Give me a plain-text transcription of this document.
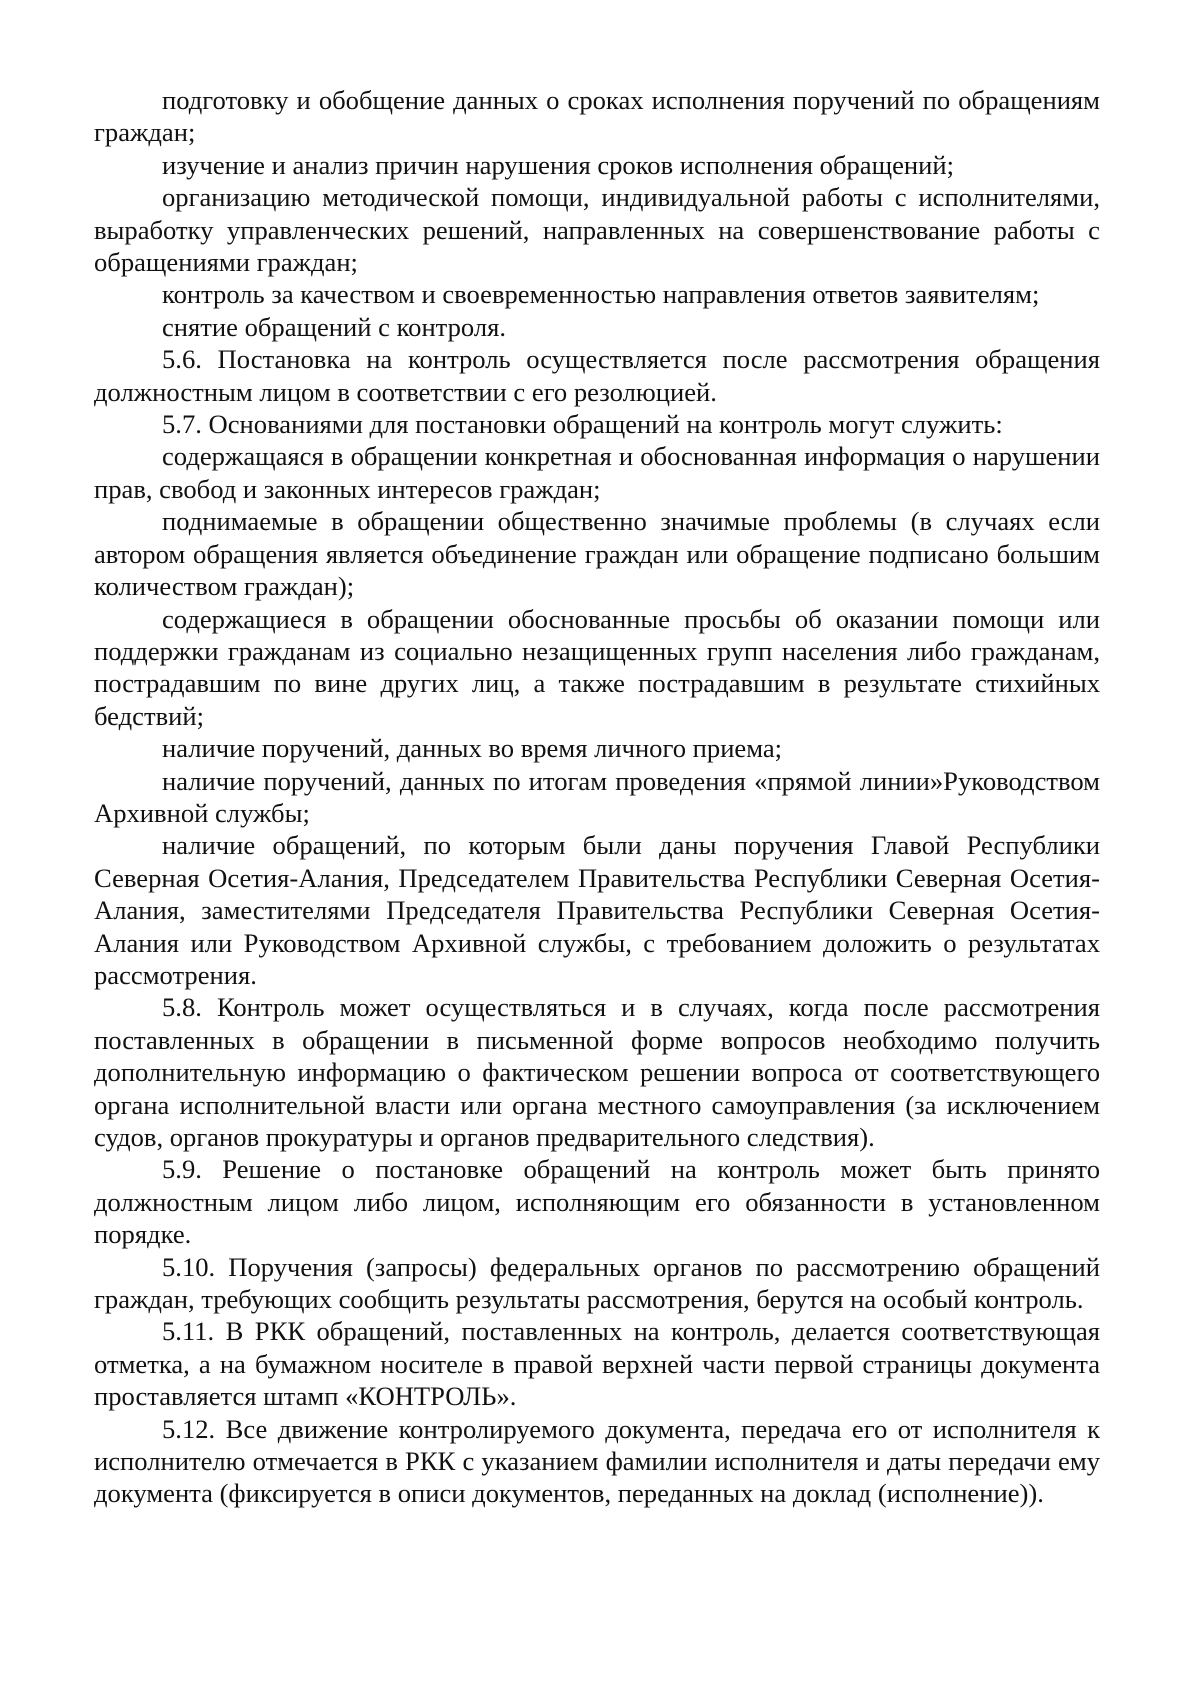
подготовку и обобщение данных о сроках исполнения поручений по обращениям граждан;

изучение и анализ причин нарушения сроков исполнения обращений;

организацию методической помощи, индивидуальной работы с исполнителями, выработку управленческих решений, направленных на совершенствование работы с обращениями граждан;

контроль за качеством и своевременностью направления ответов заявителям;

снятие обращений с контроля.

5.6. Постановка на контроль осуществляется после рассмотрения обращения должностным лицом в соответствии с его резолюцией.

5.7. Основаниями для постановки обращений на контроль могут служить:

содержащаяся в обращении конкретная и обоснованная информация о нарушении прав, свобод и законных интересов граждан;

поднимаемые в обращении общественно значимые проблемы (в случаях если автором обращения является объединение граждан или обращение подписано большим количеством граждан);

содержащиеся в обращении обоснованные просьбы об оказании помощи или поддержки гражданам из социально незащищенных групп населения либо гражданам, пострадавшим по вине других лиц, а также пострадавшим в результате стихийных бедствий;

наличие поручений, данных во время личного приема;

наличие поручений, данных по итогам проведения «прямой линии»Руководством Архивной службы;

наличие обращений, по которым были даны поручения Главой Республики Северная Осетия-Алания, Председателем Правительства Республики Северная Осетия-Алания, заместителями Председателя Правительства Республики Северная Осетия-Алания или Руководством Архивной службы, с требованием доложить о результатах рассмотрения.

5.8. Контроль может осуществляться и в случаях, когда после рассмотрения поставленных в обращении в письменной форме вопросов необходимо получить дополнительную информацию о фактическом решении вопроса от соответствующего органа исполнительной власти или органа местного самоуправления (за исключением судов, органов прокуратуры и органов предварительного следствия).

5.9. Решение о постановке обращений на контроль может быть принято должностным лицом либо лицом, исполняющим его обязанности в установленном порядке.

5.10. Поручения (запросы) федеральных органов по рассмотрению обращений граждан, требующих сообщить результаты рассмотрения, берутся на особый контроль.

5.11. В РКК обращений, поставленных на контроль, делается соответствующая отметка, а на бумажном носителе в правой верхней части первой страницы документа проставляется штамп «КОНТРОЛЬ».

5.12. Все движение контролируемого документа, передача его от исполнителя к исполнителю отмечается в РКК с указанием фамилии исполнителя и даты передачи ему документа (фиксируется в описи документов, переданных на доклад (исполнение)).
